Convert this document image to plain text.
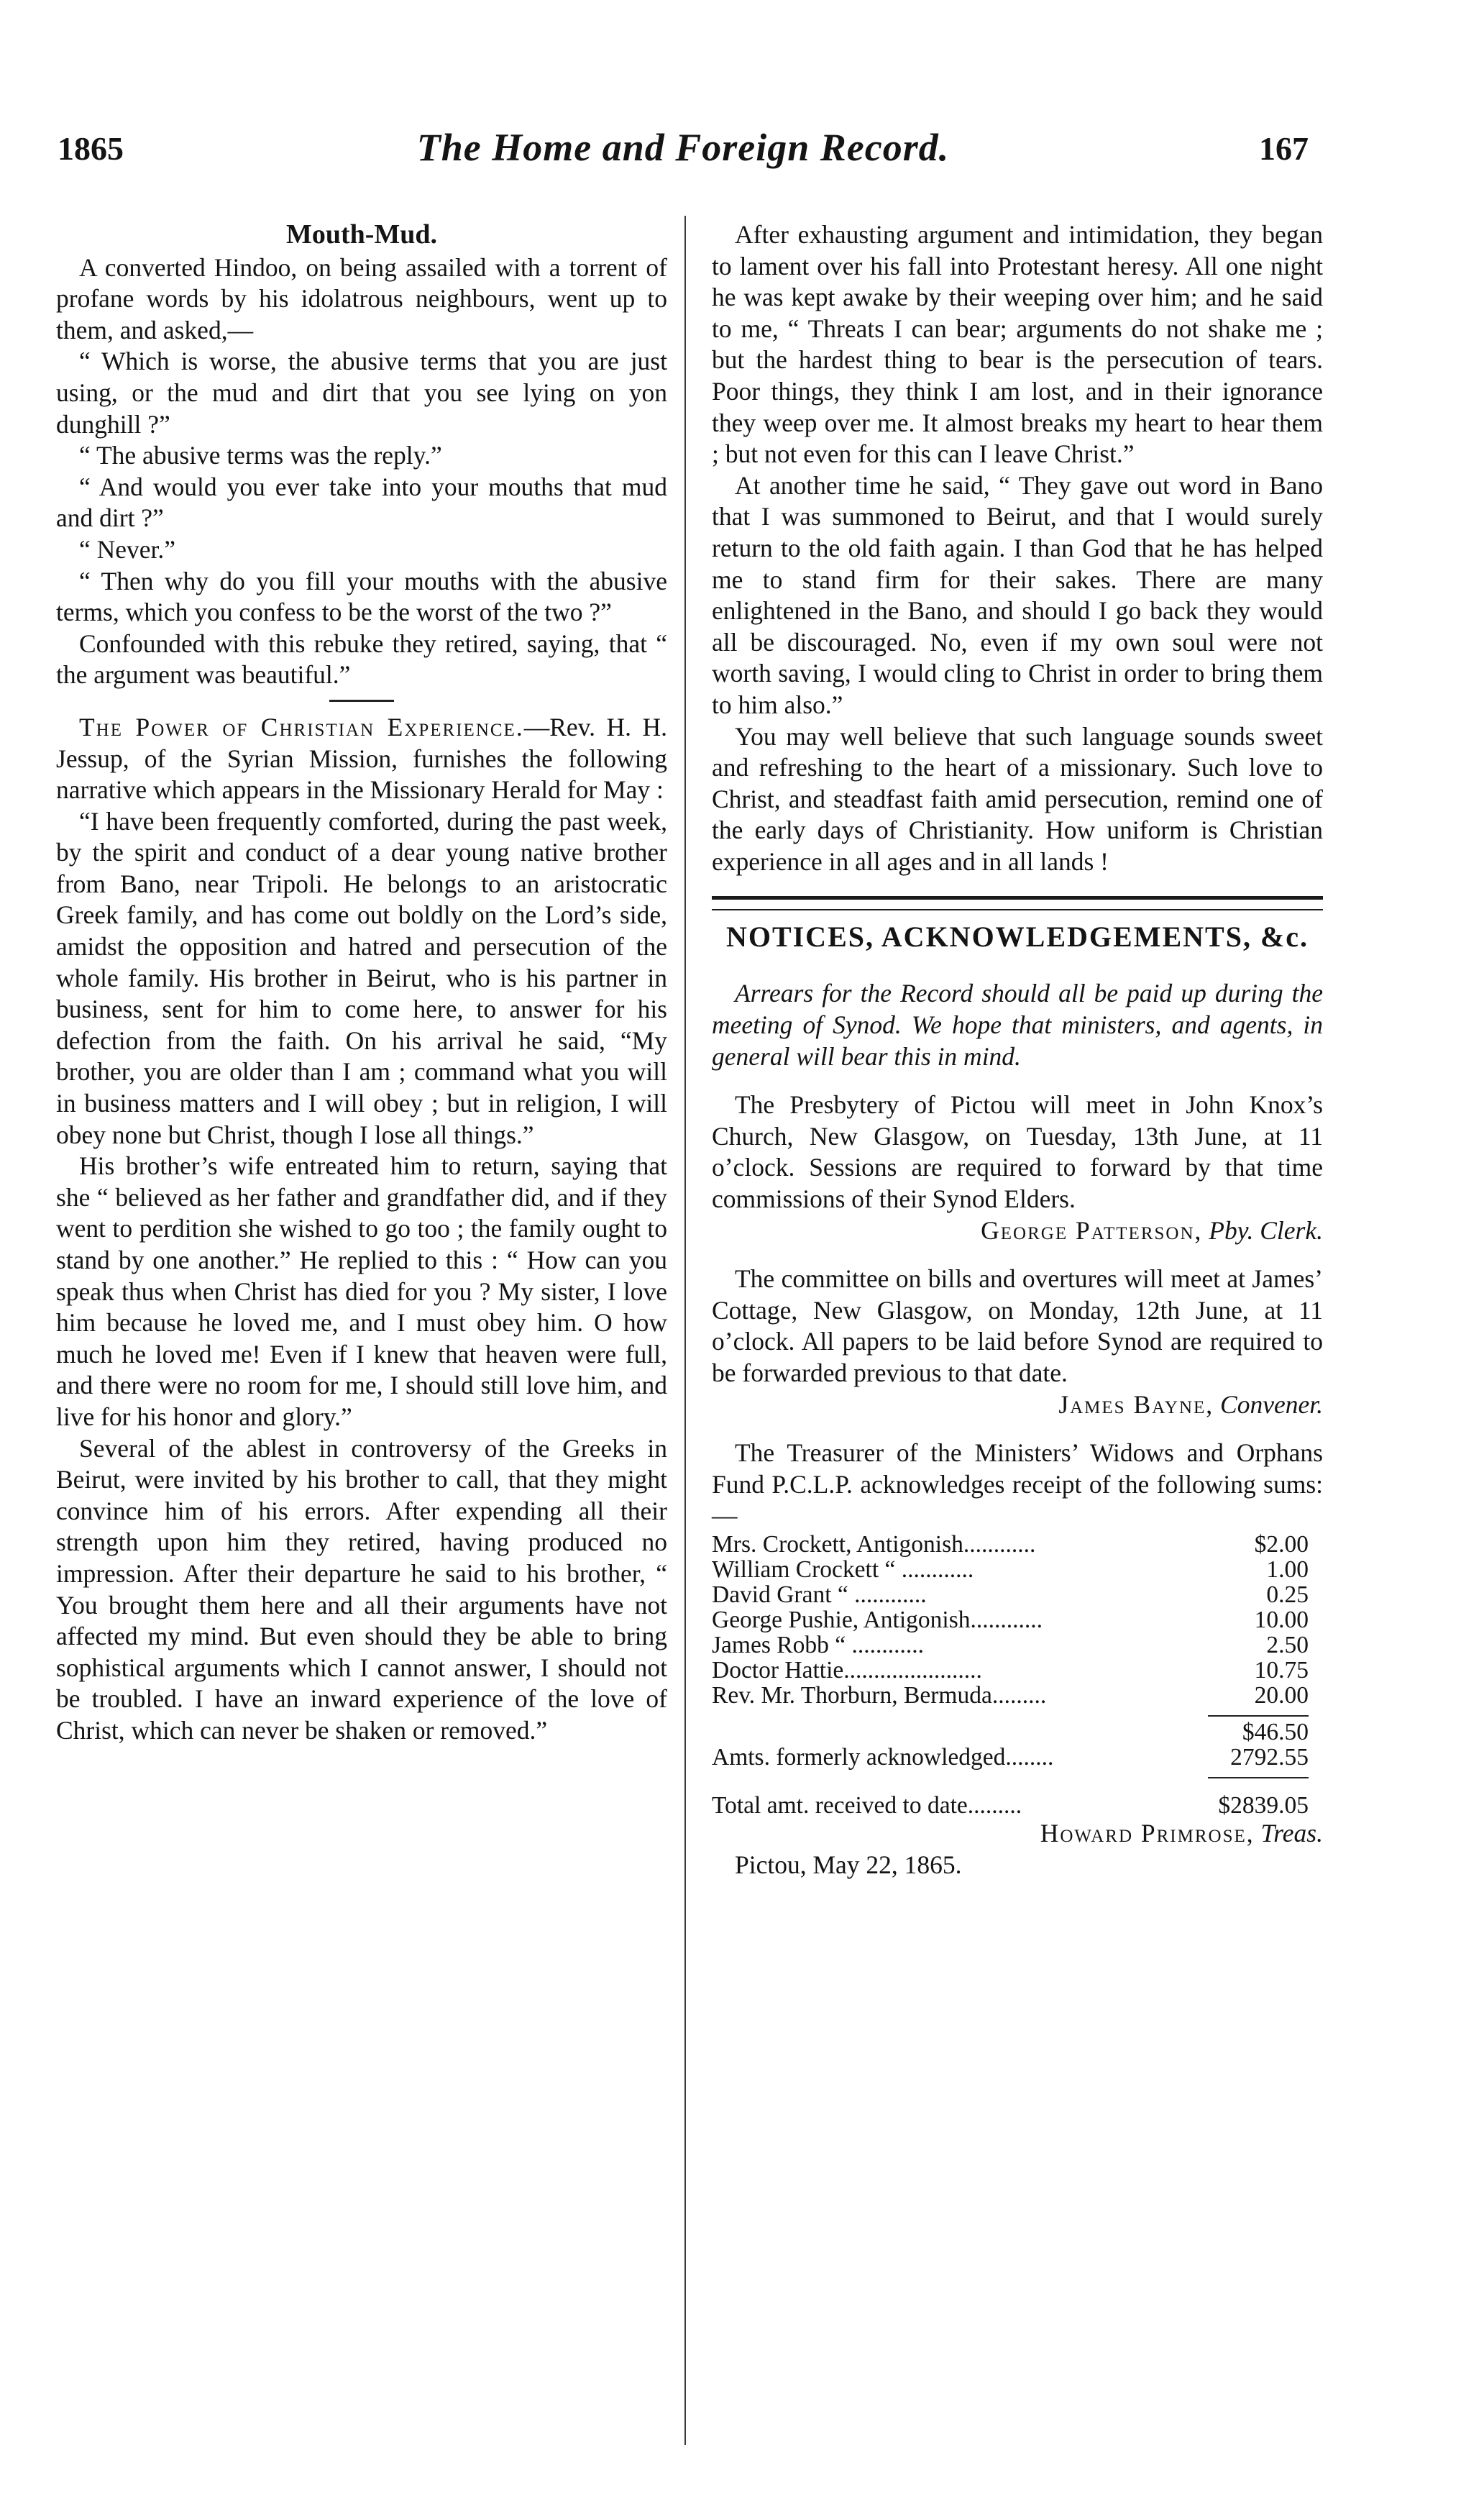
1865	The Home and Foreign Record.	167
Mouth-Mud.

A converted Hindoo, on being assailed with a torrent of profane words by his idolatrous neighbours, went up to them, and asked,—

“ Which is worse, the abusive terms that you are just using, or the mud and dirt that you see lying on yon dunghill ?”

“ The abusive terms was the reply.”

“ And would you ever take into your mouths that mud and dirt ?”

“ Never.”

“ Then why do you fill your mouths with the abusive terms, which you confess to be the worst of the two ?”

Confounded with this rebuke they retired, saying, that “ the argument was beautiful.”

The Power of Christian Experience.—Rev. H. H. Jessup, of the Syrian Mission, furnishes the following narrative which appears in the Missionary Herald for May :

“I have been frequently comforted, during the past week, by the spirit and conduct of a dear young native brother from Bano, near Tripoli. He belongs to an aristocratic Greek family, and has come out boldly on the Lord’s side, amidst the opposition and hatred and persecution of the whole family. His brother in Beirut, who is his partner in business, sent for him to come here, to answer for his defection from the faith. On his arrival he said, “My brother, you are older than I am ; command what you will in business matters and I will obey ; but in religion, I will obey none but Christ, though I lose all things.”

His brother’s wife entreated him to return, saying that she “ believed as her father and grandfather did, and if they went to perdition she wished to go too ; the family ought to stand by one another.” He replied to this : “ How can you speak thus when Christ has died for you ? My sister, I love him because he loved me, and I must obey him. O how much he loved me! Even if I knew that heaven were full, and there were no room for me, I should still love him, and live for his honor and glory.”

Several of the ablest in controversy of the Greeks in Beirut, were invited by his brother to call, that they might convince him of his errors. After expending all their strength upon him they retired, having produced no impression. After their departure he said to his brother, “ You brought them here and all their arguments have not affected my mind. But even should they be able to bring sophistical arguments which I cannot answer, I should not be troubled. I have an inward experience of the love of Christ, which can never be shaken or removed.”

After exhausting argument and intimidation, they began to lament over his fall into Protestant heresy. All one night he was kept awake by their weeping over him; and he said to me, “ Threats I can bear; arguments do not shake me ; but the hardest thing to bear is the persecution of tears. Poor things, they think I am lost, and in their ignorance they weep over me. It almost breaks my heart to hear them ; but not even for this can I leave Christ.”

At another time he said, “ They gave out word in Bano that I was summoned to Beirut, and that I would surely return to the old faith again. I than God that he has helped me to stand firm for their sakes. There are many enlightened in the Bano, and should I go back they would all be discouraged. No, even if my own soul were not worth saving, I would cling to Christ in order to bring them to him also.”

You may well believe that such language sounds sweet and refreshing to the heart of a missionary. Such love to Christ, and steadfast faith amid persecution, remind one of the early days of Christianity. How uniform is Christian experience in all ages and in all lands !

NOTICES, ACKNOWLEDGEMENTS, &c.

Arrears for the Record should all be paid up during the meeting of Synod. We hope that ministers, and agents, in general will bear this in mind.

The Presbytery of Pictou will meet in John Knox’s Church, New Glasgow, on Tuesday, 13th June, at 11 o’clock. Sessions are required to forward by that time commissions of their Synod Elders.

George Patterson, Pby. Clerk.

The committee on bills and overtures will meet at James’ Cottage, New Glasgow, on Monday, 12th June, at 11 o’clock. All papers to be laid before Synod are required to be forwarded previous to that date.

James Bayne, Convener.

The Treasurer of the Ministers’ Widows and Orphans Fund P.C.L.P. acknowledges receipt of the following sums:—

Mrs. Crockett, Antigonish............	$2.00
William Crockett “ ............	1.00
David Grant “ ............	0.25
George Pushie, Antigonish............	10.00
James Robb “ ............	2.50
Doctor Hattie.......................	10.75
Rev. Mr. Thorburn, Bermuda.........	20.00
$46.50
Amts. formerly acknowledged........	2792.55
Total amt. received to date.........	$2839.05

Howard Primrose, Treas.

Pictou, May 22, 1865.
